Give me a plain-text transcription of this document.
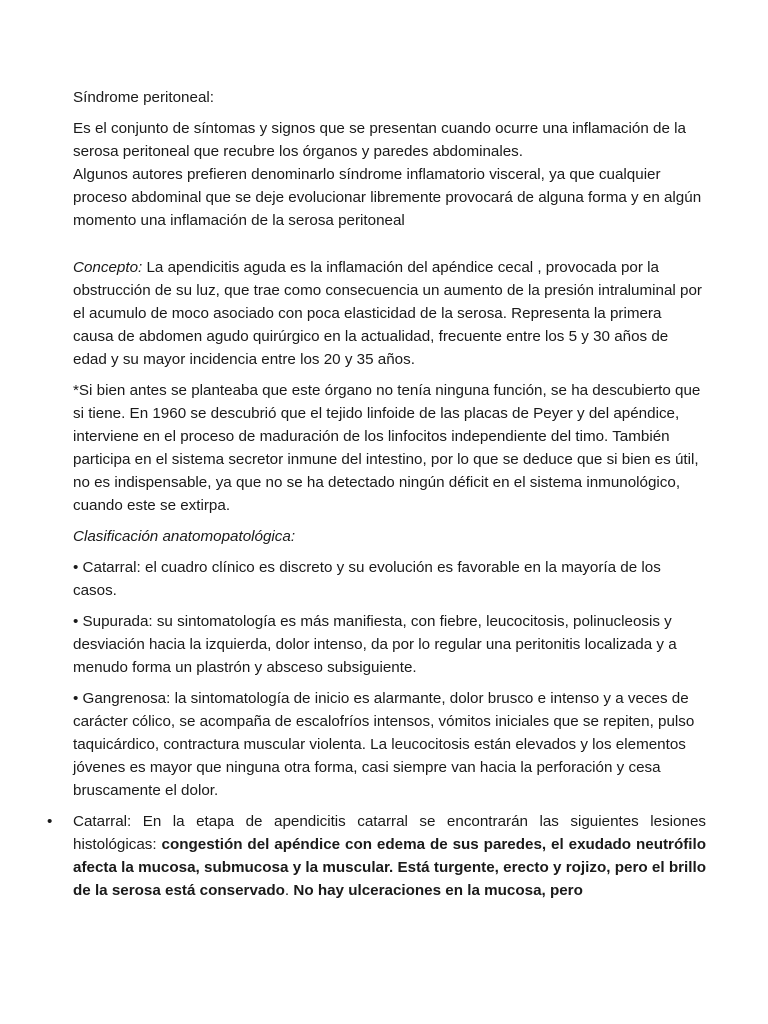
Síndrome peritoneal:

Es el conjunto de síntomas y signos que se presentan cuando ocurre una inflamación de la serosa peritoneal que recubre los órganos y paredes abdominales.

Algunos autores prefieren denominarlo síndrome inflamatorio visceral, ya que cualquier proceso abdominal que se deje evolucionar libremente provocará de alguna forma y en algún momento una inflamación de la serosa peritoneal

Concepto: La apendicitis aguda es la inflamación del apéndice cecal , provocada por la obstrucción de su luz, que trae como consecuencia un aumento de la presión intraluminal por el acumulo de moco asociado con poca elasticidad de la serosa. Representa la primera causa de abdomen agudo quirúrgico en la actualidad, frecuente entre los 5 y 30 años de edad y su mayor incidencia entre los 20 y 35 años.

*Si bien antes se planteaba que este órgano no tenía ninguna función, se ha descubierto que si tiene. En 1960 se descubrió que el tejido linfoide de las placas de Peyer y del apéndice, interviene en el proceso de maduración de los linfocitos independiente del timo. También participa en el sistema secretor inmune del intestino, por lo que se deduce que si bien es útil, no es indispensable, ya que no se ha detectado ningún déficit en el sistema inmunológico, cuando este se extirpa.

Clasificación anatomopatológica:

• Catarral: el cuadro clínico es discreto y su evolución es favorable en la mayoría de los casos.

• Supurada: su sintomatología es más manifiesta, con fiebre, leucocitosis, polinucleosis y desviación hacia la izquierda, dolor intenso, da por lo regular una peritonitis localizada y a menudo forma un plastrón y absceso subsiguiente.

• Gangrenosa: la sintomatología de inicio es alarmante, dolor brusco e intenso y a veces de carácter cólico, se acompaña de escalofríos intensos, vómitos iniciales que se repiten, pulso taquicárdico, contractura muscular violenta. La leucocitosis están elevados y los elementos jóvenes es mayor que ninguna otra forma, casi siempre van hacia la perforación y cesa bruscamente el dolor.

• Catarral: En la etapa de apendicitis catarral se encontrarán las siguientes lesiones histológicas: congestión del apéndice con edema de sus paredes, el exudado neutrófilo afecta la mucosa, submucosa y la muscular. Está turgente, erecto y rojizo, pero el brillo de la serosa está conservado. No hay ulceraciones en la mucosa, pero
